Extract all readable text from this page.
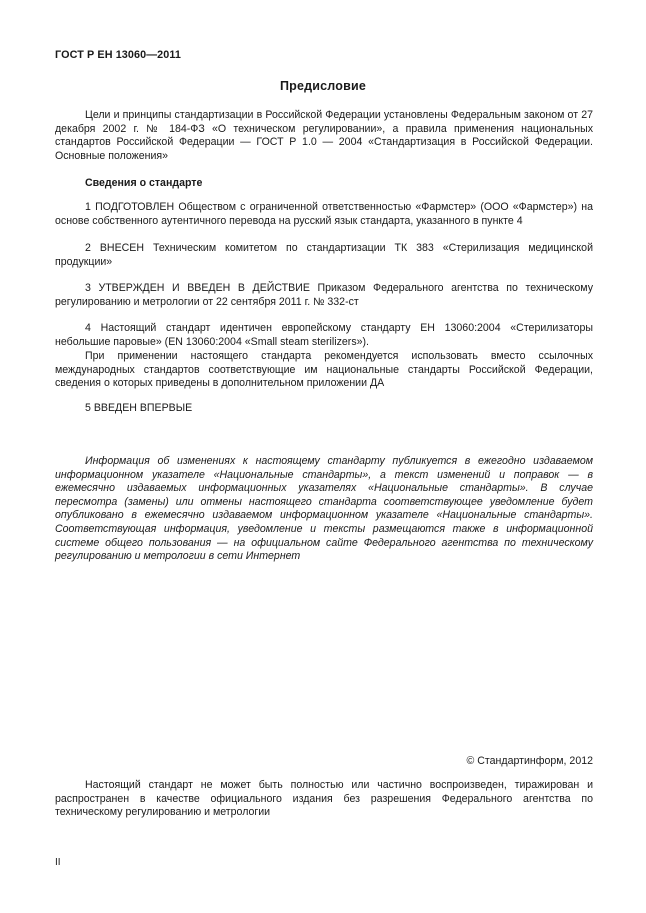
ГОСТ Р ЕН 13060—2011
Предисловие

Цели и принципы стандартизации в Российской Федерации установлены Федеральным законом от 27 декабря 2002 г. № 184-ФЗ «О техническом регулировании», а правила применения национальных стандартов Российской Федерации — ГОСТ Р 1.0 — 2004 «Стандартизация в Российской Федерации. Основные положения»

Сведения о стандарте

1 ПОДГОТОВЛЕН Обществом с ограниченной ответственностью «Фармстер» (ООО «Фармстер») на основе собственного аутентичного перевода на русский язык стандарта, указанного в пункте 4

2 ВНЕСЕН Техническим комитетом по стандартизации ТК 383 «Стерилизация медицинской продукции»

3 УТВЕРЖДЕН И ВВЕДЕН В ДЕЙСТВИЕ Приказом Федерального агентства по техническому регулированию и метрологии от 22 сентября 2011 г. № 332-ст

4 Настоящий стандарт идентичен европейскому стандарту ЕН 13060:2004 «Стерилизаторы небольшие паровые» (EN 13060:2004 «Small steam sterilizers»).

При применении настоящего стандарта рекомендуется использовать вместо ссылочных международных стандартов соответствующие им национальные стандарты Российской Федерации, сведения о которых приведены в дополнительном приложении ДА

5 ВВЕДЕН ВПЕРВЫЕ

Информация об изменениях к настоящему стандарту публикуется в ежегодно издаваемом информационном указателе «Национальные стандарты», а текст изменений и поправок — в ежемесячно издаваемых информационных указателях «Национальные стандарты». В случае пересмотра (замены) или отмены настоящего стандарта соответствующее уведомление будет опубликовано в ежемесячно издаваемом информационном указателе «Национальные стандарты». Соответствующая информация, уведомление и тексты размещаются также в информационной системе общего пользования — на официальном сайте Федерального агентства по техническому регулированию и метрологии в сети Интернет

© Стандартинформ, 2012

Настоящий стандарт не может быть полностью или частично воспроизведен, тиражирован и распространен в качестве официального издания без разрешения Федерального агентства по техническому регулированию и метрологии

II
